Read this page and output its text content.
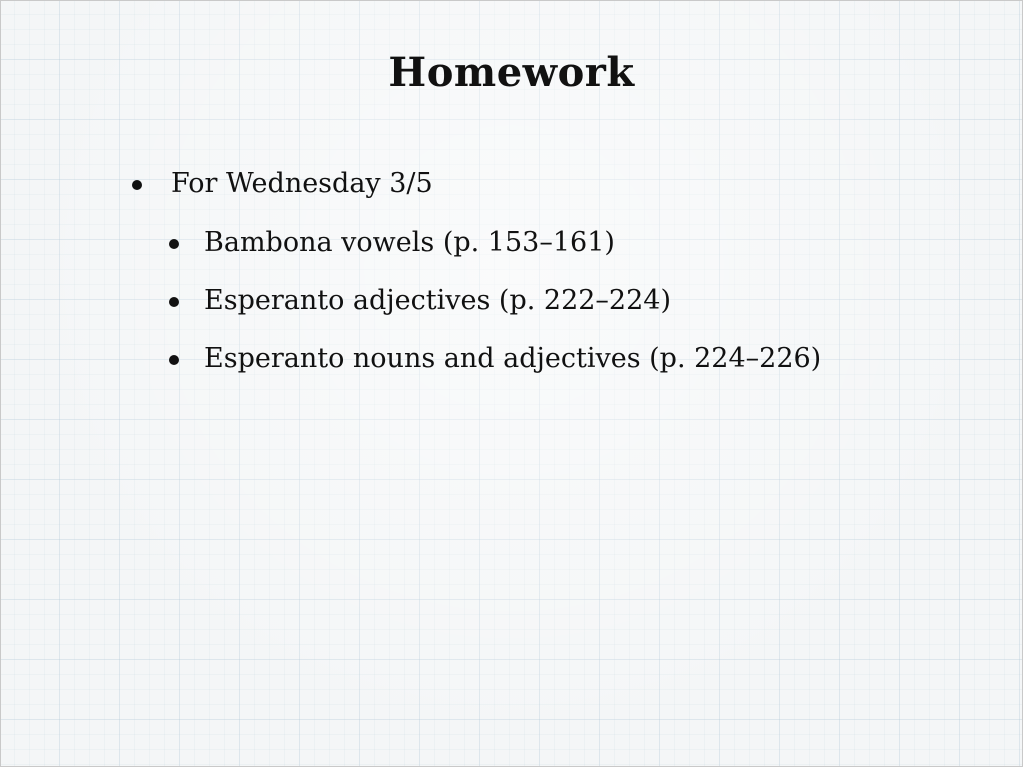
Homework
For Wednesday 3/5
Bambona vowels (p. 153–161)
Esperanto adjectives (p. 222–224)
Esperanto nouns and adjectives (p. 224–226)
